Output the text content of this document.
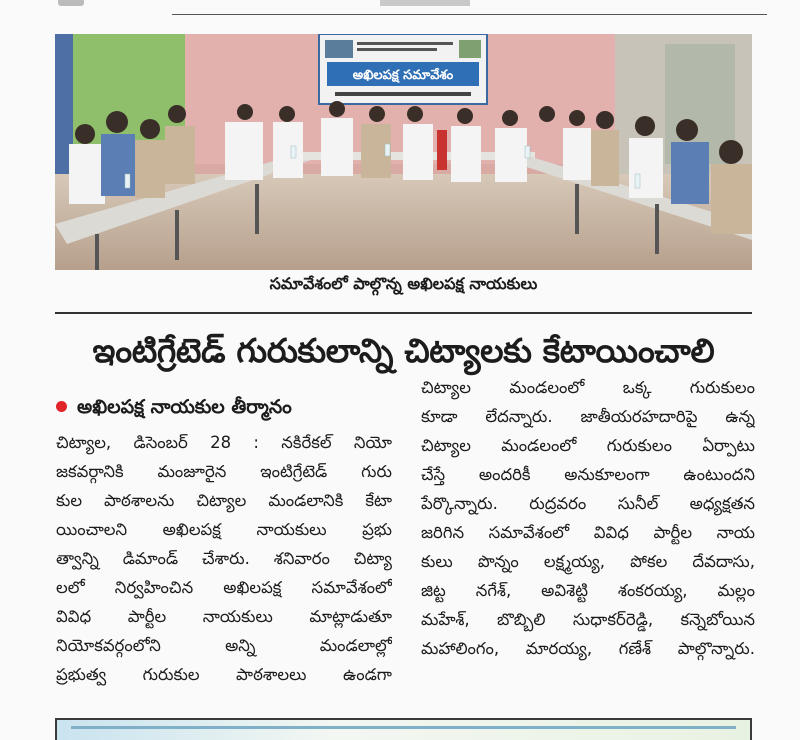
అఖిలపక్ష సమావేశం
సమావేశంలో పాల్గొన్న అఖిలపక్ష నాయకులు
ఇంటిగ్రేటెడ్ గురుకులాన్ని చిట్యాలకు కేటాయించాలి
అఖిలపక్ష నాయకుల తీర్మానం
చిట్యాల, డిసెంబర్ 28 : నకిరేకల్ నియో
జకవర్గానికి మంజూరైన ఇంటిగ్రేటెడ్ గురు
కుల పాఠశాలను చిట్యాల మండలానికి కేటా
యించాలని అఖిలపక్ష నాయకులు ప్రభు
త్వాన్ని డిమాండ్ చేశారు. శనివారం చిట్యా
లలో నిర్వహించిన అఖిలపక్ష సమావేశంలో
వివిధ పార్టీల నాయకులు మాట్లాడుతూ
నియోకవర్గంలోని అన్ని మండలాల్లో
ప్రభుత్వ గురుకుల పాఠశాలలు ఉండగా
చిట్యాల మండలంలో ఒక్క గురుకులం
కూడా లేదన్నారు. జాతీయరహదారిపై ఉన్న
చిట్యాల మండలంలో గురుకులం ఏర్పాటు
చేస్తే అందరికీ అనుకూలంగా ఉంటుందని
పేర్కొన్నారు. రుద్రవరం సునీల్ అధ్యక్షతన
జరిగిన సమావేశంలో వివిధ పార్టీల నాయ
కులు పొన్నం లక్ష్మయ్య, పోకల దేవదాసు,
జిట్ట నగేశ్, అవిశెట్టి శంకరయ్య, మల్లం
మహేశ్, బొబ్బిలి సుధాకర్‌రెడ్డి, కన్నెబోయిన
మహాలింగం, మారయ్య, గణేశ్ పాల్గొన్నారు.
